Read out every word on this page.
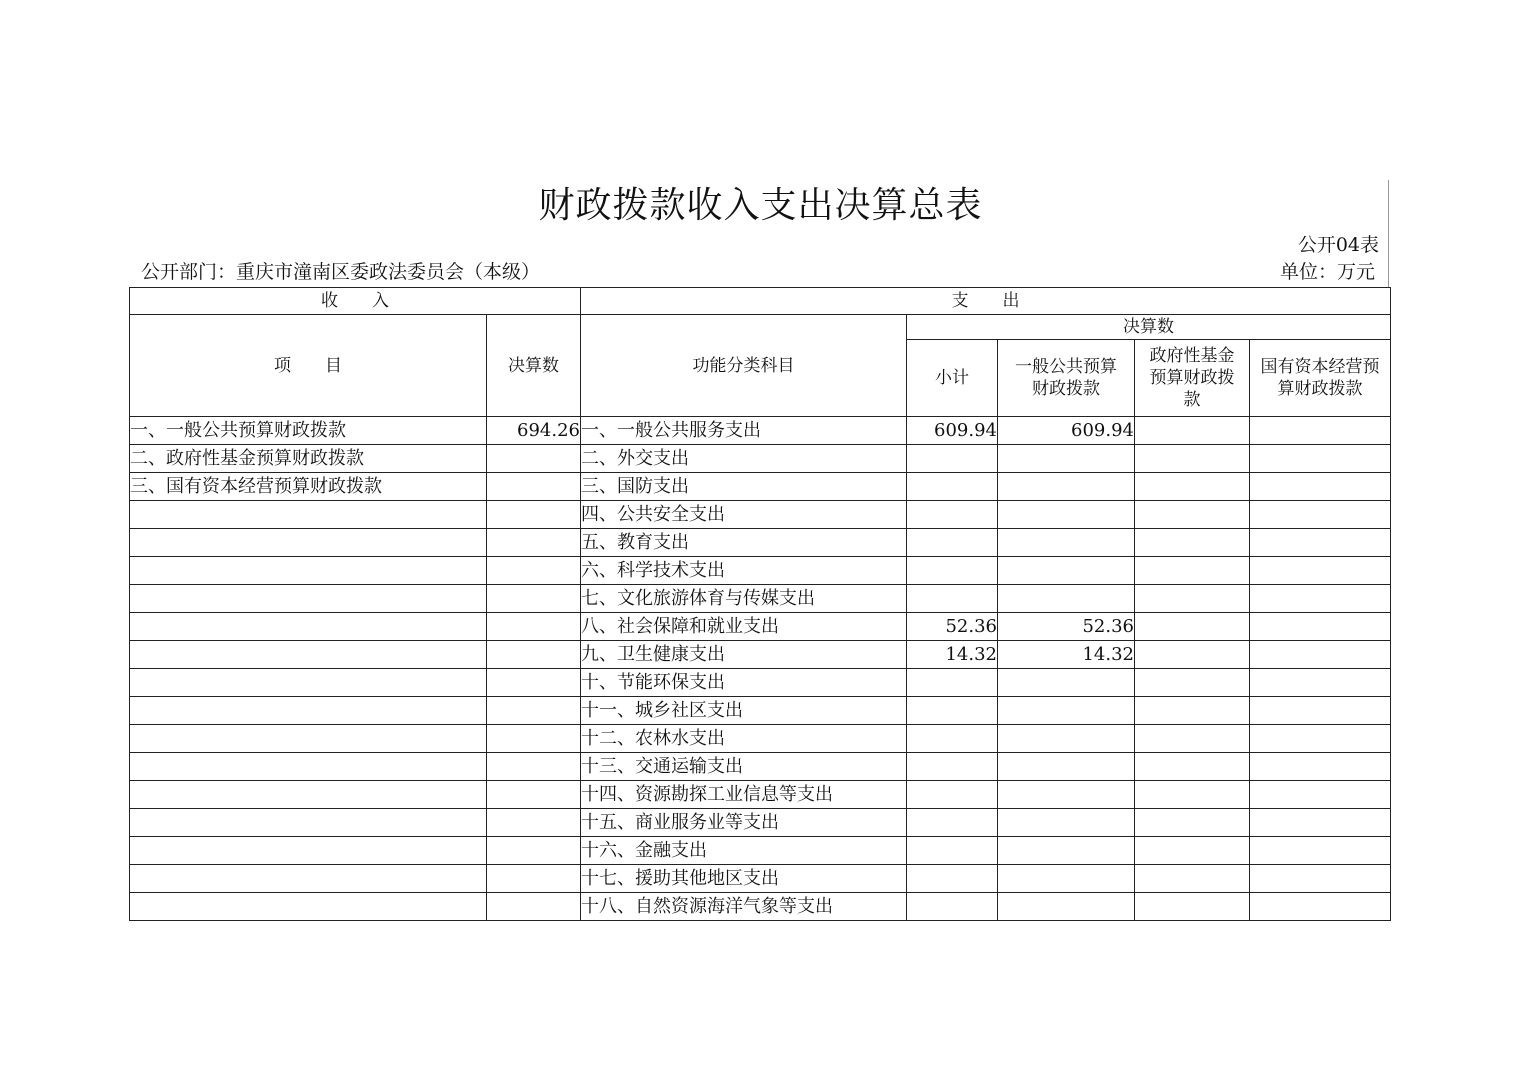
财政拨款收入支出决算总表
公开04表
公开部门：重庆市潼南区委政法委员会（本级）	单位：万元
收　　入		支　　出				
项　　目	决算数	功能分类科目	决算数			
			小计	一般公共预算财政拨款	政府性基金预算财政拨款	国有资本经营预算财政拨款
一、一般公共预算财政拨款	694.26	一、一般公共服务支出	609.94	609.94		
二、政府性基金预算财政拨款		二、外交支出				
三、国有资本经营预算财政拨款		三、国防支出				
		四、公共安全支出				
		五、教育支出				
		六、科学技术支出				
		七、文化旅游体育与传媒支出				
		八、社会保障和就业支出	52.36	52.36		
		九、卫生健康支出	14.32	14.32		
		十、节能环保支出				
		十一、城乡社区支出				
		十二、农林水支出				
		十三、交通运输支出				
		十四、资源勘探工业信息等支出				
		十五、商业服务业等支出				
		十六、金融支出				
		十七、援助其他地区支出				
		十八、自然资源海洋气象等支出				
